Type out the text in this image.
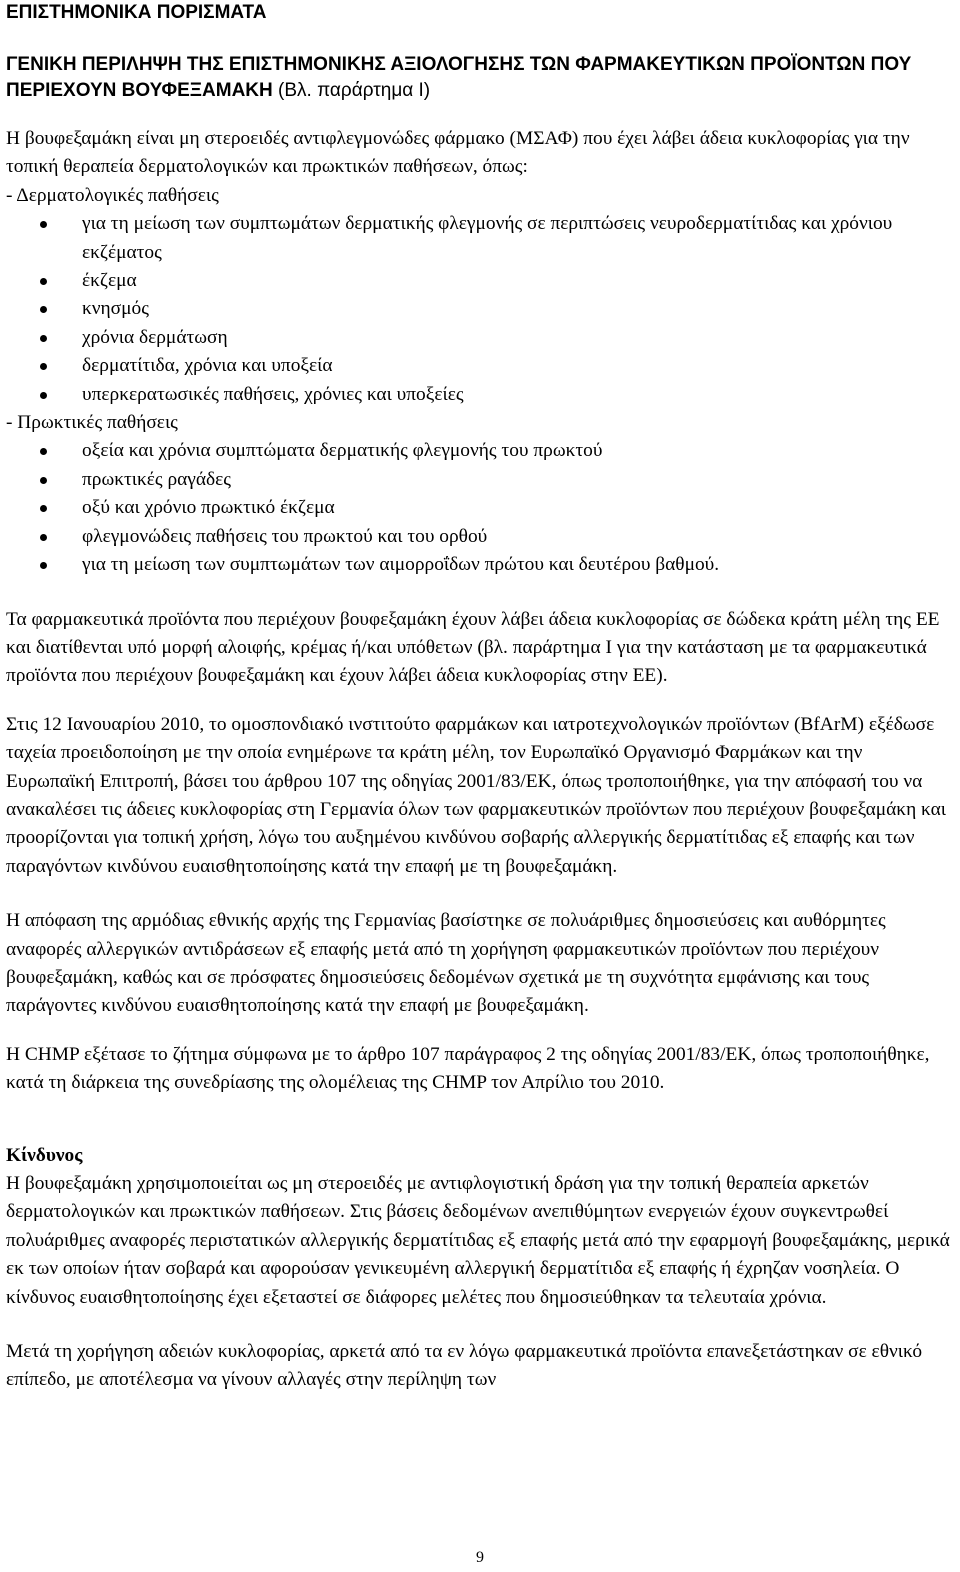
ΕΠΙΣΤΗΜΟΝΙΚΑ ΠΟΡΙΣΜΑΤΑ
ΓΕΝΙΚΗ ΠΕΡΙΛΗΨΗ ΤΗΣ ΕΠΙΣΤΗΜΟΝΙΚΗΣ ΑΞΙΟΛΟΓΗΣΗΣ ΤΩΝ ΦΑΡΜΑΚΕΥΤΙΚΩΝ ΠΡΟΪΟΝΤΩΝ ΠΟΥ ΠΕΡΙΕΧΟΥΝ ΒΟΥΦΕΞΑΜΑΚΗ (Βλ. παράρτημα Ι)

Η βουφεξαμάκη είναι μη στεροειδές αντιφλεγμονώδες φάρμακο (ΜΣΑΦ) που έχει λάβει άδεια κυκλοφορίας για την τοπική θεραπεία δερματολογικών και πρωκτικών παθήσεων, όπως:

- Δερματολογικές παθήσεις

για τη μείωση των συμπτωμάτων δερματικής φλεγμονής σε περιπτώσεις νευροδερματίτιδας και χρόνιου εκζέματος
έκζεμα
κνησμός
χρόνια δερμάτωση
δερματίτιδα, χρόνια και υποξεία
υπερκερατωσικές παθήσεις, χρόνιες και υποξείες

- Πρωκτικές παθήσεις

οξεία και χρόνια συμπτώματα δερματικής φλεγμονής του πρωκτού
πρωκτικές ραγάδες
οξύ και χρόνιο πρωκτικό έκζεμα
φλεγμονώδεις παθήσεις του πρωκτού και του ορθού
για τη μείωση των συμπτωμάτων των αιμορροΐδων πρώτου και δευτέρου βαθμού.

Τα φαρμακευτικά προϊόντα που περιέχουν βουφεξαμάκη έχουν λάβει άδεια κυκλοφορίας σε δώδεκα κράτη μέλη της ΕΕ και διατίθενται υπό μορφή αλοιφής, κρέμας ή/και υπόθετων (βλ. παράρτημα Ι για την κατάσταση με τα φαρμακευτικά προϊόντα που περιέχουν βουφεξαμάκη και έχουν λάβει άδεια κυκλοφορίας στην ΕΕ).

Στις 12 Ιανουαρίου 2010, το ομοσπονδιακό ινστιτούτο φαρμάκων και ιατροτεχνολογικών προϊόντων (BfArM) εξέδωσε ταχεία προειδοποίηση με την οποία ενημέρωνε τα κράτη μέλη, τον Ευρωπαϊκό Οργανισμό Φαρμάκων και την Ευρωπαϊκή Επιτροπή, βάσει του άρθρου 107 της οδηγίας 2001/83/ΕΚ, όπως τροποποιήθηκε, για την απόφασή του να ανακαλέσει τις άδειες κυκλοφορίας στη Γερμανία όλων των φαρμακευτικών προϊόντων που περιέχουν βουφεξαμάκη και προορίζονται για τοπική χρήση, λόγω του αυξημένου κινδύνου σοβαρής αλλεργικής δερματίτιδας εξ επαφής και των παραγόντων κινδύνου ευαισθητοποίησης κατά την επαφή με τη βουφεξαμάκη.

Η απόφαση της αρμόδιας εθνικής αρχής της Γερμανίας βασίστηκε σε πολυάριθμες δημοσιεύσεις και αυθόρμητες αναφορές αλλεργικών αντιδράσεων εξ επαφής μετά από τη χορήγηση φαρμακευτικών προϊόντων που περιέχουν βουφεξαμάκη, καθώς και σε πρόσφατες δημοσιεύσεις δεδομένων σχετικά με τη συχνότητα εμφάνισης και τους παράγοντες κινδύνου ευαισθητοποίησης κατά την επαφή με βουφεξαμάκη.

Η CHMP εξέτασε το ζήτημα σύμφωνα με το άρθρο 107 παράγραφος 2 της οδηγίας 2001/83/ΕΚ, όπως τροποποιήθηκε, κατά τη διάρκεια της συνεδρίασης της ολομέλειας της CHMP τον Απρίλιο του 2010.

Κίνδυνος

Η βουφεξαμάκη χρησιμοποιείται ως μη στεροειδές με αντιφλογιστική δράση για την τοπική θεραπεία αρκετών δερματολογικών και πρωκτικών παθήσεων. Στις βάσεις δεδομένων ανεπιθύμητων ενεργειών έχουν συγκεντρωθεί πολυάριθμες αναφορές περιστατικών αλλεργικής δερματίτιδας εξ επαφής μετά από την εφαρμογή βουφεξαμάκης, μερικά εκ των οποίων ήταν σοβαρά και αφορούσαν γενικευμένη αλλεργική δερματίτιδα εξ επαφής ή έχρηζαν νοσηλεία. Ο κίνδυνος ευαισθητοποίησης έχει εξεταστεί σε διάφορες μελέτες που δημοσιεύθηκαν τα τελευταία χρόνια.

Μετά τη χορήγηση αδειών κυκλοφορίας, αρκετά από τα εν λόγω φαρμακευτικά προϊόντα επανεξετάστηκαν σε εθνικό επίπεδο, με αποτέλεσμα να γίνουν αλλαγές στην περίληψη των

9
